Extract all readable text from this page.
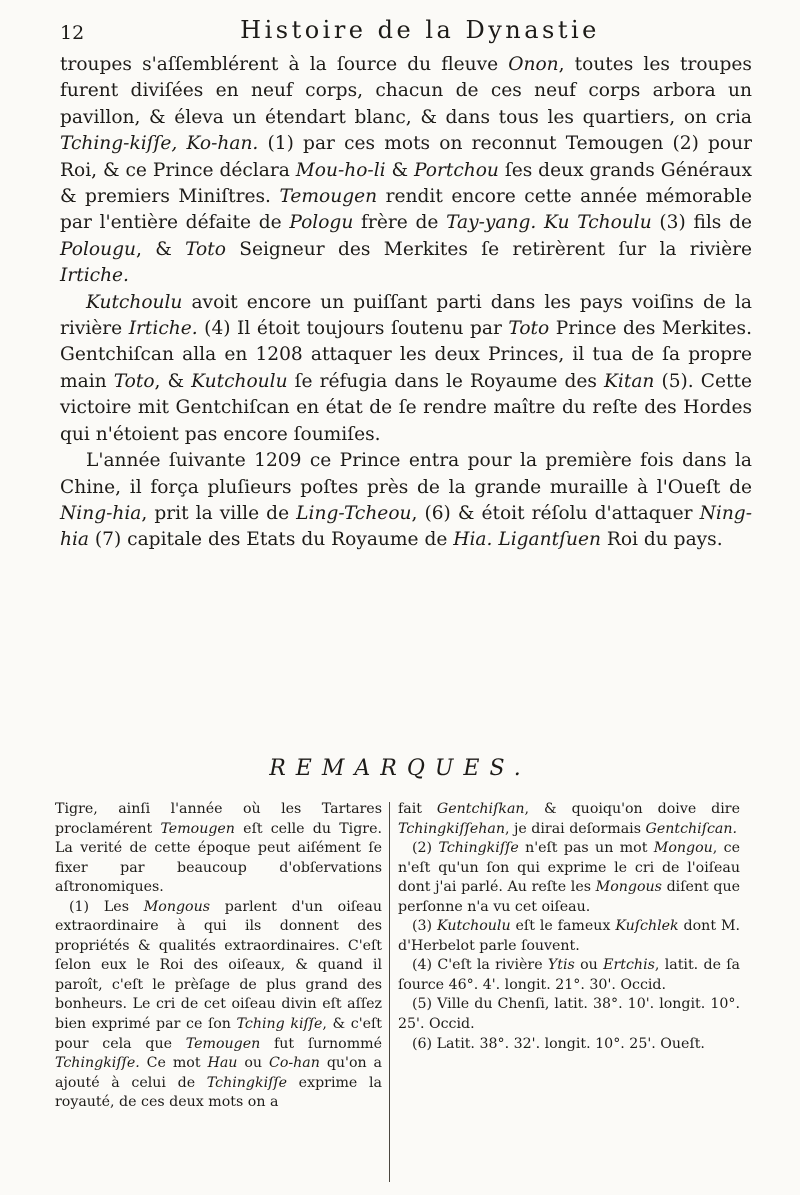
12	Histoire de la Dynastie

troupes s'aſſemblérent à la ſource du fleuve Onon, toutes les troupes furent diviſées en neuf corps, chacun de ces neuf corps arbora un pavillon, & éleva un étendart blanc, & dans tous les quartiers, on cria Tching-kiſſe, Ko-han. (1) par ces mots on reconnut Temougen (2) pour Roi, & ce Prince déclara Mou-ho-li & Portchou ſes deux grands Généraux & premiers Miniſtres. Temougen rendit encore cette année mémorable par l'entière défaite de Pologu frère de Tay-yang. Ku Tchoulu (3) fils de Polougu, & Toto Seigneur des Merkites ſe retirèrent ſur la rivière Irtiche.

Kutchoulu avoit encore un puiſſant parti dans les pays voiſins de la rivière Irtiche. (4) Il étoit toujours ſoutenu par Toto Prince des Merkites. Gentchiſcan alla en 1208 attaquer les deux Princes, il tua de ſa propre main Toto, & Kutchoulu ſe réfugia dans le Royaume des Kitan (5). Cette victoire mit Gentchiſcan en état de ſe rendre maître du reſte des Hordes qui n'étoient pas encore ſoumiſes.

L'année ſuivante 1209 ce Prince entra pour la première fois dans la Chine, il força pluſieurs poſtes près de la grande muraille à l'Oueſt de Ning-hia, prit la ville de Ling-Tcheou, (6) & étoit réſolu d'attaquer Ning-hia (7) capitale des Etats du Royaume de Hia. Ligantſuen Roi du pays.

REMARQUES.

Tigre, ainſi l'année où les Tartares proclamérent Temougen eſt celle du Tigre. La verité de cette époque peut aiſément ſe fixer par beaucoup d'obſervations aſtronomiques.

(1) Les Mongous parlent d'un oiſeau extraordinaire à qui ils donnent des propriétés & qualités extraordinaires. C'eſt ſelon eux le Roi des oiſeaux, & quand il paroît, c'eſt le prèſage de plus grand des bonheurs. Le cri de cet oiſeau divin eſt aſſez bien exprimé par ce ſon Tching kiſſe, & c'eſt pour cela que Temougen fut ſurnommé Tchingkiſſe. Ce mot Hau ou Co-han qu'on a ajouté à celui de Tchingkiſſe exprime la royauté, de ces deux mots on a

fait Gentchiſkan, & quoiqu'on doive dire Tchingkiſſehan, je dirai deſormais Gentchiſcan.

(2) Tchingkiſſe n'eſt pas un mot Mongou, ce n'eſt qu'un ſon qui exprime le cri de l'oiſeau dont j'ai parlé. Au reſte les Mongous diſent que perſonne n'a vu cet oiſeau.

(3) Kutchoulu eſt le fameux Kuſchlek dont M. d'Herbelot parle ſouvent.

(4) C'eſt la rivière Ytis ou Ertchis, latit. de ſa ſource 46°. 4'. longit. 21°. 30'. Occid.

(5) Ville du Chenſi, latit. 38°. 10'. longit. 10°. 25'. Occid.

(6) Latit. 38°. 32'. longit. 10°. 25'. Oueſt.
